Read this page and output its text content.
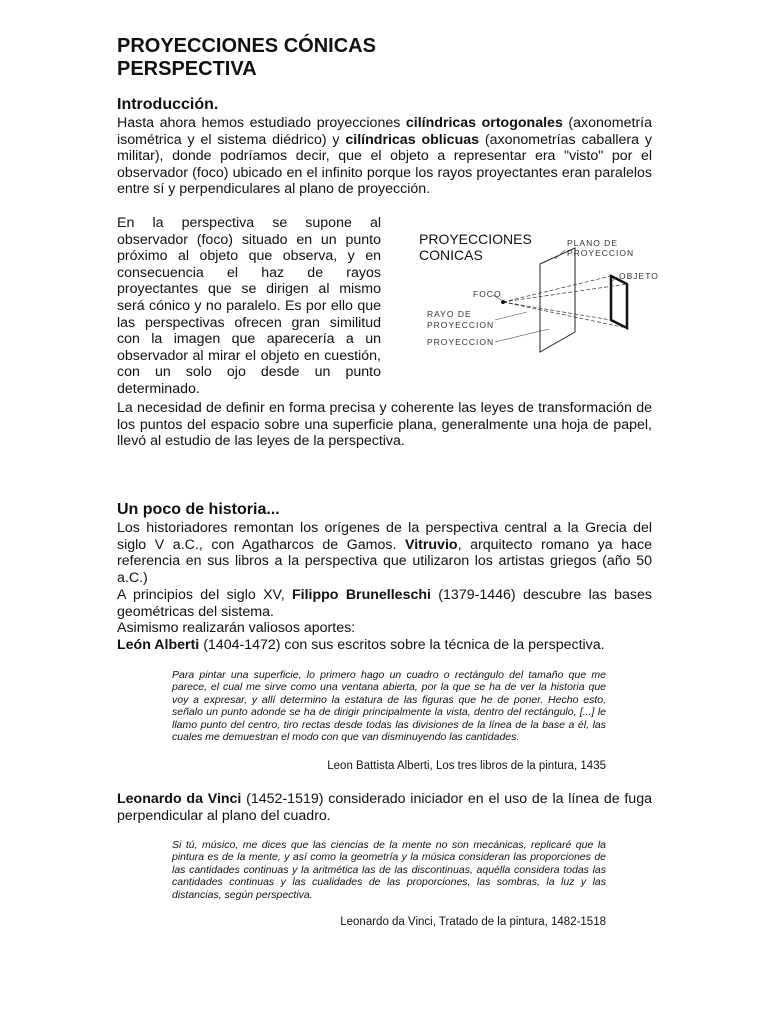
PROYECCIONES CÓNICAS
PERSPECTIVA
Introducción.

Hasta ahora hemos estudiado proyecciones cilíndricas ortogonales (axonometría isométrica y el sistema diédrico) y cilíndricas oblicuas (axonometrías caballera y militar), donde podríamos decir, que el objeto a representar era "visto" por el observador (foco) ubicado en el infinito porque los rayos proyectantes eran paralelos entre sí y perpendiculares al plano de proyección.

En la perspectiva se supone al observador (foco) situado en un punto próximo al objeto que observa, y en consecuencia el haz de rayos proyectantes que se dirigen al mismo será cónico y no paralelo. Es por ello que las perspectivas ofrecen gran similitud con la imagen que aparecería a un observador al mirar el objeto en cuestión, con un solo ojo desde un punto determinado.

PROYECCIONES
CONICAS
PLANO DE
PROYECCION
OBJETO
FOCO
RAYO DE
PROYECCION
PROYECCION

La necesidad de definir en forma precisa y coherente las leyes de transformación de los puntos del espacio sobre una superficie plana, generalmente una hoja de papel, llevó al estudio de las leyes de la perspectiva.

Un poco de historia...

Los historiadores remontan los orígenes de la perspectiva central a la Grecia del siglo V a.C., con Agatharcos de Gamos. Vitruvio, arquitecto romano ya hace referencia en sus libros a la perspectiva que utilizaron los artistas griegos (año 50 a.C.)

A principios del siglo XV, Filippo Brunelleschi (1379-1446) descubre las bases geométricas del sistema.

Asimismo realizarán valiosos aportes:

León Alberti (1404-1472) con sus escritos sobre la técnica de la perspectiva.

Para pintar una superficie, lo primero hago un cuadro o rectángulo del tamaño que me parece, el cual me sirve como una ventana abierta, por la que se ha de ver la historia que voy a expresar, y allí determino la estatura de las figuras que he de poner. Hecho esto, señalo un punto adonde se ha de dirigir principalmente la vista, dentro del rectángulo, [...] le llamo punto del centro, tiro rectas desde todas las divisiones de la línea de la base a él, las cuales me demuestran el modo con que van disminuyendo las cantidades.

Leon Battista Alberti, Los tres libros de la pintura, 1435

Leonardo da Vinci (1452-1519) considerado iniciador en el uso de la línea de fuga perpendicular al plano del cuadro.

Si tú, músico, me dices que las ciencias de la mente no son mecánicas, replicaré que la pintura es de la mente, y así como la geometría y la música consideran las proporciones de las cantidades continuas y la aritmética las de las discontinuas, aquélla considera todas las cantidades continuas y las cualidades de las proporciones, las sombras, la luz y las distancias, según perspectiva.

Leonardo da Vinci, Tratado de la pintura, 1482-1518
